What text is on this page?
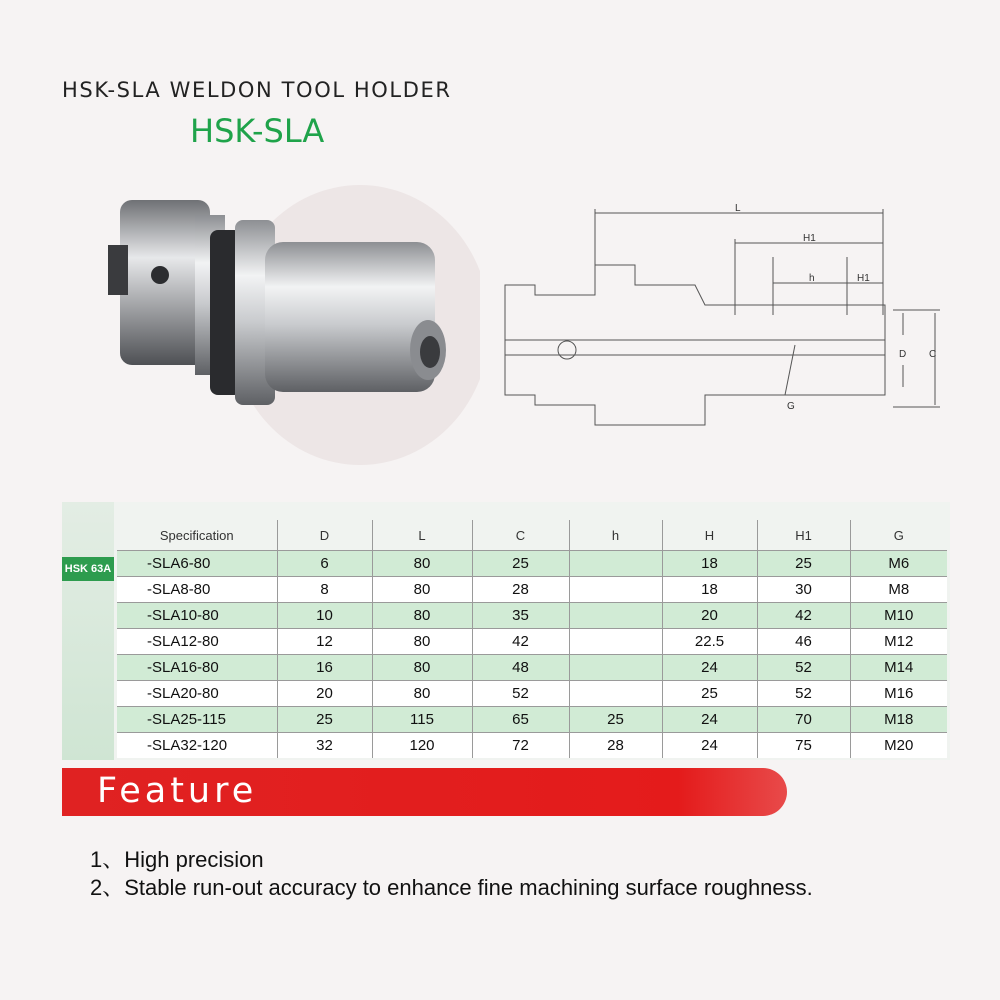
HSK-SLA WELDON TOOL HOLDER
HSK-SLA
L
H1
h	H1
D C
G
HSK 63A
Specification	D	L	C	h	H	H1	G
-SLA6-80	6	80	25		18	25	M6
-SLA8-80	8	80	28		18	30	M8
-SLA10-80	10	80	35		20	42	M10
-SLA12-80	12	80	42		22.5	46	M12
-SLA16-80	16	80	48		24	52	M14
-SLA20-80	20	80	52		25	52	M16
-SLA25-115	25	115	65	25	24	70	M18
-SLA32-120	32	120	72	28	24	75	M20
Feature
1、High precision
2、Stable run-out accuracy to enhance fine machining surface roughness.
